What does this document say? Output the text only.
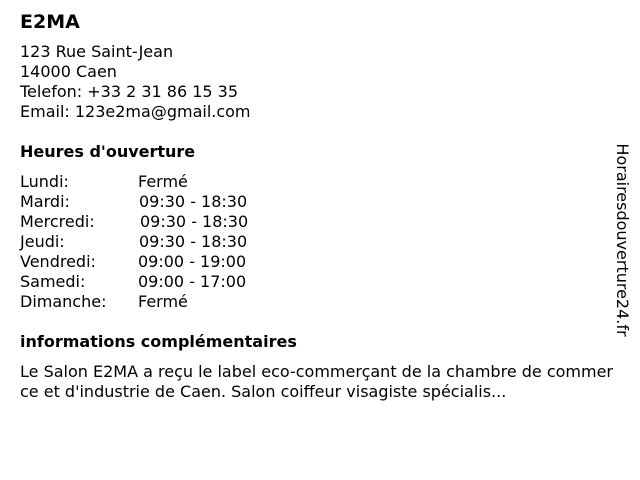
E2MA
123 Rue Saint-Jean
14000 Caen
Telefon: +33 2 31 86 15 35
Email: 123e2ma@gmail.com
Heures d'ouverture
Lundi:	Fermé
Mardi:	09:30 - 18:30
Mercredi:	09:30 - 18:30
Jeudi:	09:30 - 18:30
Vendredi:	09:00 - 19:00
Samedi:	09:00 - 17:00
Dimanche: Fermé
informations complémentaires
Le Salon E2MA a reçu le label eco-commerçant de la chambre de commerce et d'industrie de Caen. Salon coiffeur visagiste spécialis...
Horairesdouverture24.fr
